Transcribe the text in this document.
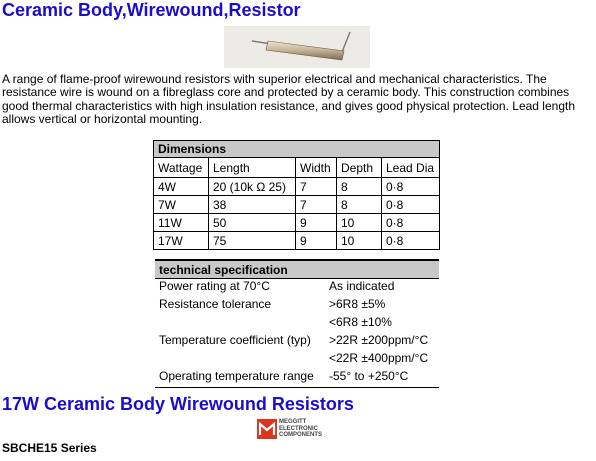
Ceramic Body,Wirewound,Resistor
A range of flame-proof wirewound resistors with superior electrical and mechanical characteristics. The
resistance wire is wound on a fibreglass core and protected by a ceramic body. This construction combines
good thermal characteristics with high insulation resistance, and gives good physical protection. Lead length
allows vertical or horizontal mounting.
Dimensions				
Wattage	Length	Width	Depth	Lead Dia
4W	20 (10k Ω 25)	7	8	0·8
7W	38	7	8	0·8
11W	50	9	10	0·8
17W	75	9	10	0·8
technical specification	
Power rating at 70°C	As indicated
Resistance tolerance	>6R8 ±5%
	<6R8 ±10%
Temperature coefficient (typ)	>22R ±200ppm/°C
	<22R ±400ppm/°C
Operating temperature range	-55° to +250°C
17W Ceramic Body Wirewound Resistors
MEGGITT
ELECTRONIC
COMPONENTS
SBCHE15 Series
